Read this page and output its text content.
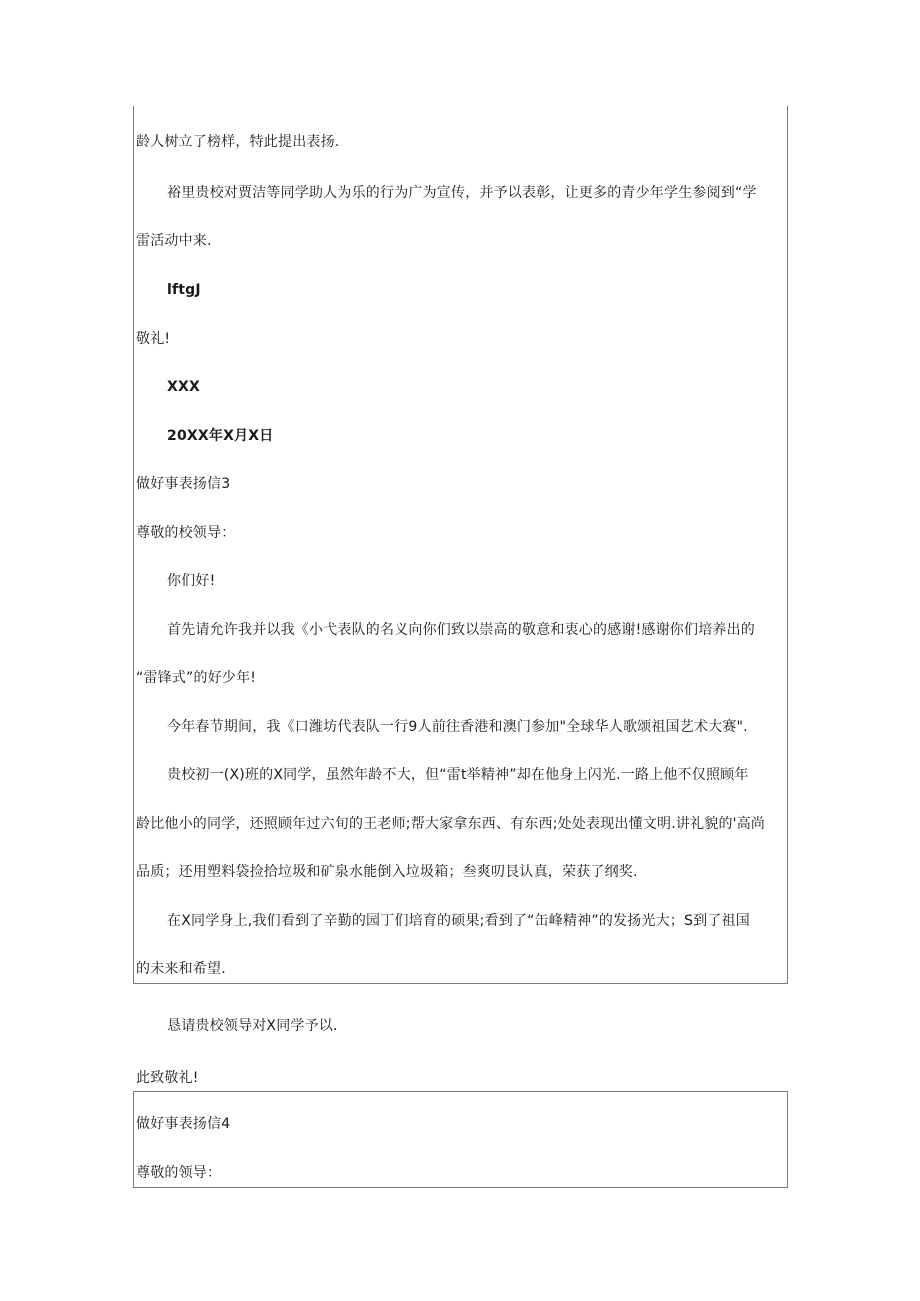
龄人树立了榜样，特此提出表扬.
裕里贵校对贾洁等同学助人为乐的行为广为宣传，并予以表彰，让更多的青少年学生参阅到“学
雷活动中来.
lftgJ
敬礼!
XXX
20XX年X月X日
做好事表扬信3
尊敬的校领导：
你们好!
首先请允许我并以我《小弋表队的名义向你们致以崇高的敬意和衷心的感谢!感谢你们培养出的
“雷锋式”的好少年!
今年春节期间，我《口潍坊代表队一行9人前往香港和澳门参加"全球华人歌颂祖国艺术大赛".
贵校初一(X)班的X同学，虽然年龄不大，但“雷t举精神”却在他身上闪光.一路上他不仅照顾年
龄比他小的同学，还照顾年过六旬的王老师;帮大家拿东西、有东西;处处表现出懂文明.讲礼貌的'高尚
品质；还用塑料袋捡拾垃圾和矿泉水能倒入垃圾箱；叁爽叨艮认真，荣获了纲奖.
在X同学身上,我们看到了辛勤的园丁们培育的硕果;看到了“缶峰精神”的发扬光大；S到了祖国
的未来和希望.
恳请贵校领导对X同学予以.
此致敬礼!
做好事表扬信4
尊敬的领导：
